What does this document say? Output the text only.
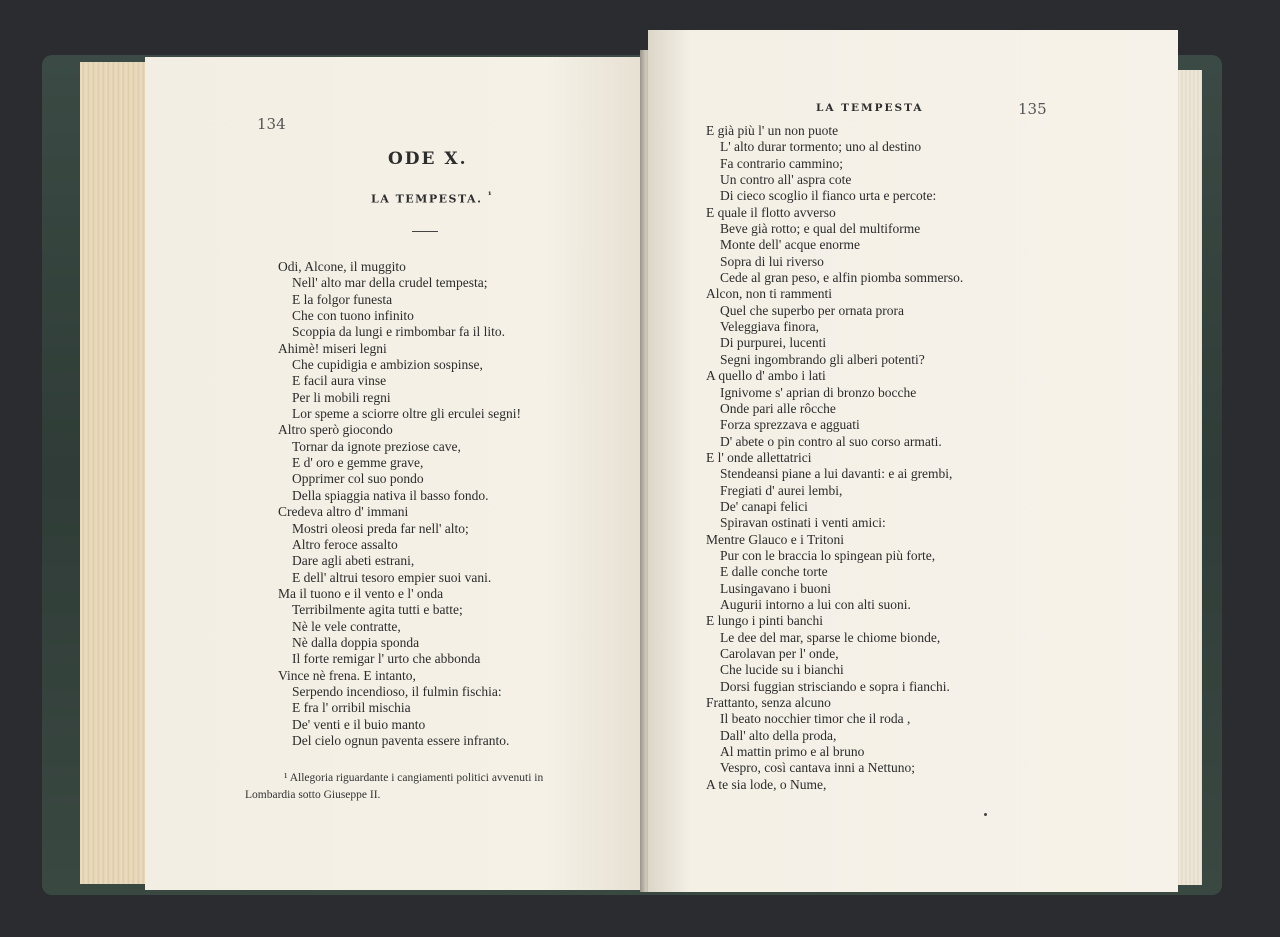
134
ODE X.
LA TEMPESTA. $^{^1}$
Odi, Alcone, il muggito
Nell' alto mar della crudel tempesta;
E la folgor funesta
Che con tuono infinito
Scoppia da lungi e rimbombar fa il lito.
Ahimè! miseri legni
Che cupidigia e ambizion sospinse,
E facil aura vinse
Per li mobili regni
Lor speme a sciorre oltre gli erculei segni!
Altro sperò giocondo
Tornar da ignote preziose cave,
E d' oro e gemme grave,
Opprimer col suo pondo
Della spiaggia nativa il basso fondo.
Credeva altro d' immani
Mostri oleosi preda far nell' alto;
Altro feroce assalto
Dare agli abeti estrani,
E dell' altrui tesoro empier suoi vani.
Ma il tuono e il vento e l' onda
Terribilmente agita tutti e batte;
Nè le vele contratte,
Nè dalla doppia sponda
Il forte remigar l' urto che abbonda
Vince nè frena. E intanto,
Serpendo incendioso, il fulmin fischia:
E fra l' orribil mischia
De' venti e il buio manto
Del cielo ognun paventa essere infranto.
¹ Allegoria riguardante i cangiamenti politici avvenuti in
Lombardia sotto Giuseppe II.
LA TEMPESTA	135
E già più l' un non puote
L' alto durar tormento; uno al destino
Fa contrario cammino;
Un contro all' aspra cote
Di cieco scoglio il fianco urta e percote:
E quale il flotto avverso
Beve già rotto; e qual del multiforme
Monte dell' acque enorme
Sopra di lui riverso
Cede al gran peso, e alfin piomba sommerso.
Alcon, non ti rammenti
Quel che superbo per ornata prora
Veleggiava finora,
Di purpurei, lucenti
Segni ingombrando gli alberi potenti?
A quello d' ambo i lati
Ignivome s' aprian di bronzo bocche
Onde pari alle rôcche
Forza sprezzava e agguati
D' abete o pin contro al suo corso armati.
E l' onde allettatrici
Stendeansi piane a lui davanti: e ai grembi,
Fregiati d' aurei lembi,
De' canapi felici
Spiravan ostinati i venti amici:
Mentre Glauco e i Tritoni
Pur con le braccia lo spingean più forte,
E dalle conche torte
Lusingavano i buoni
Augurii intorno a lui con alti suoni.
E lungo i pinti banchi
Le dee del mar, sparse le chiome bionde,
Carolavan per l' onde,
Che lucide su i bianchi
Dorsi fuggian strisciando e sopra i fianchi.
Frattanto, senza alcuno
Il beato nocchier timor che il roda ,
Dall' alto della proda,
Al mattin primo e al bruno
Vespro, così cantava inni a Nettuno;
A te sia lode, o Nume,
